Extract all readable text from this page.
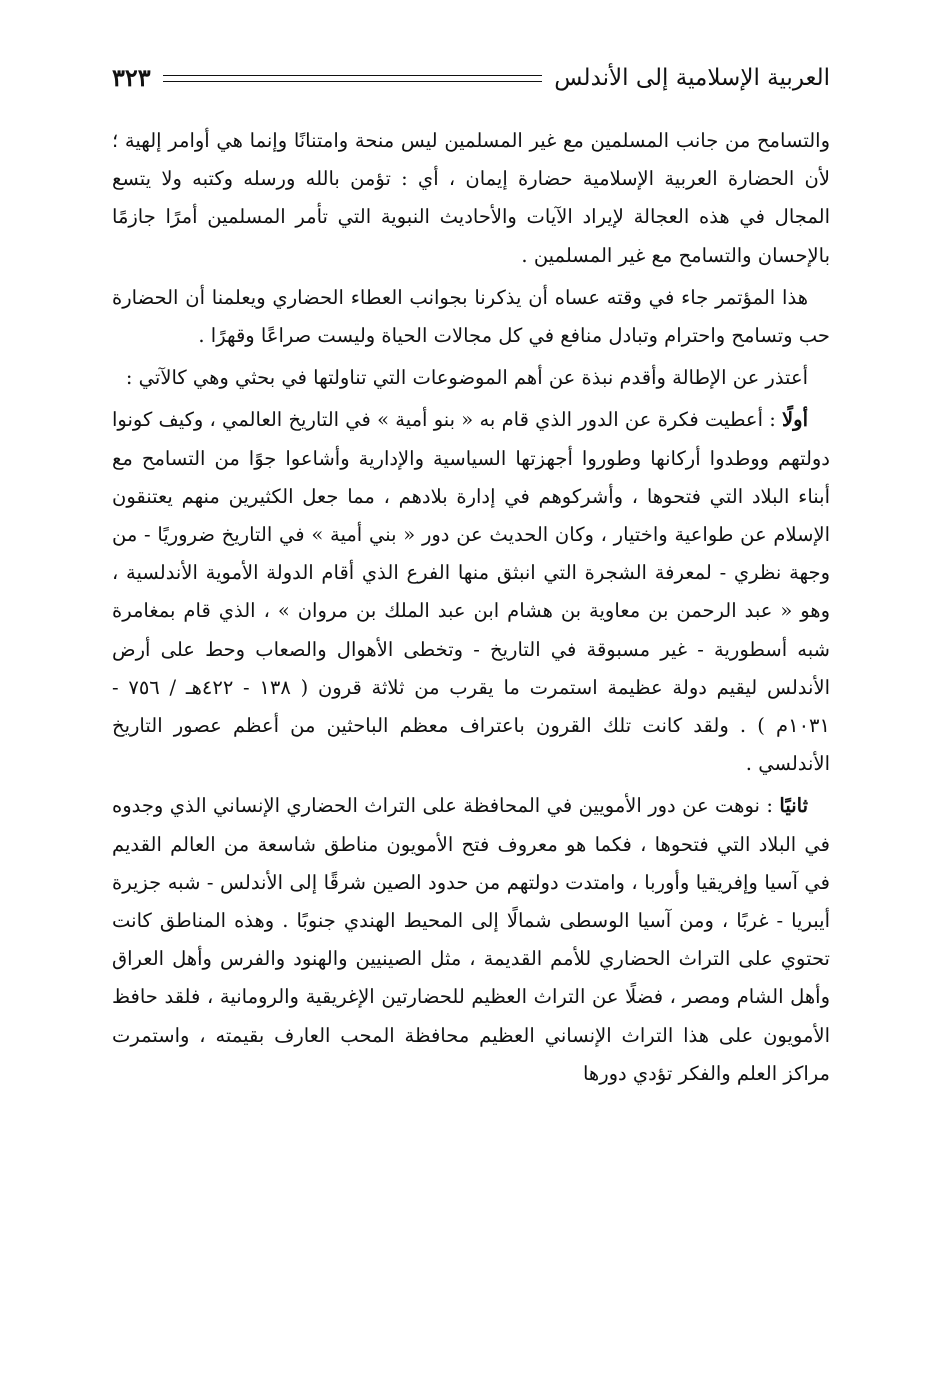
العربية الإسلامية إلى الأندلس
٣٢٣

والتسامح من جانب المسلمين مع غير المسلمين ليس منحة وامتنانًا وإنما هي أوامر إلهية ؛ لأن الحضارة العربية الإسلامية حضارة إيمان ، أي : تؤمن بالله ورسله وكتبه ولا يتسع المجال في هذه العجالة لإيراد الآيات والأحاديث النبوية التي تأمر المسلمين أمرًا جازمًا بالإحسان والتسامح مع غير المسلمين .

هذا المؤتمر جاء في وقته عساه أن يذكرنا بجوانب العطاء الحضاري ويعلمنا أن الحضارة حب وتسامح واحترام وتبادل منافع في كل مجالات الحياة وليست صراعًا وقهرًا .

أعتذر عن الإطالة وأقدم نبذة عن أهم الموضوعات التي تناولتها في بحثي وهي كالآتي :

أولًا : أعطيت فكرة عن الدور الذي قام به « بنو أمية » في التاريخ العالمي ، وكيف كونوا دولتهم ووطدوا أركانها وطوروا أجهزتها السياسية والإدارية وأشاعوا جوًا من التسامح مع أبناء البلاد التي فتحوها ، وأشركوهم في إدارة بلادهم ، مما جعل الكثيرين منهم يعتنقون الإسلام عن طواعية واختيار ، وكان الحديث عن دور « بني أمية » في التاريخ ضروريًا - من وجهة نظري - لمعرفة الشجرة التي انبثق منها الفرع الذي أقام الدولة الأموية الأندلسية ، وهو « عبد الرحمن بن معاوية بن هشام ابن عبد الملك بن مروان » ، الذي قام بمغامرة شبه أسطورية - غير مسبوقة في التاريخ - وتخطى الأهوال والصعاب وحط على أرض الأندلس ليقيم دولة عظيمة استمرت ما يقرب من ثلاثة قرون ( ١٣٨ - ٤٢٢هـ / ٧٥٦ - ١٠٣١م ) . ولقد كانت تلك القرون باعتراف معظم الباحثين من أعظم عصور التاريخ الأندلسي .

ثانيًا : نوهت عن دور الأمويين في المحافظة على التراث الحضاري الإنساني الذي وجدوه في البلاد التي فتحوها ، فكما هو معروف فتح الأمويون مناطق شاسعة من العالم القديم في آسيا وإفريقيا وأوربا ، وامتدت دولتهم من حدود الصين شرقًا إلى الأندلس - شبه جزيرة أيبريا - غربًا ، ومن آسيا الوسطى شمالًا إلى المحيط الهندي جنوبًا . وهذه المناطق كانت تحتوي على التراث الحضاري للأمم القديمة ، مثل الصينيين والهنود والفرس وأهل العراق وأهل الشام ومصر ، فضلًا عن التراث العظيم للحضارتين الإغريقية والرومانية ، فلقد حافظ الأمويون على هذا التراث الإنساني العظيم محافظة المحب العارف بقيمته ، واستمرت مراكز العلم والفكر تؤدي دورها
